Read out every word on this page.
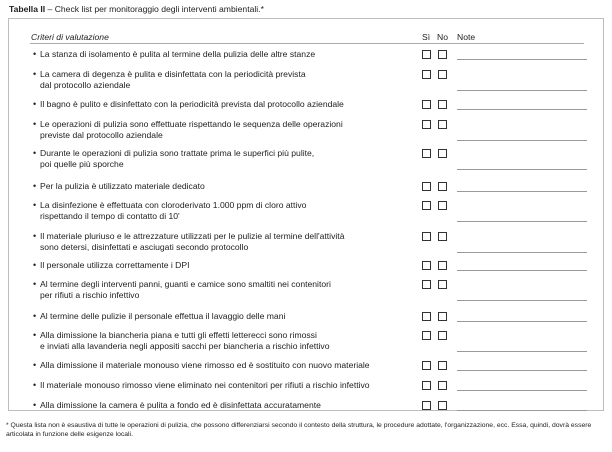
Tabella II – Check list per monitoraggio degli interventi ambientali.*
Criteri di valutazione	Sì No Note
• La stanza di isolamento è pulita al termine della pulizia delle altre stanze
• La camera di degenza è pulita e disinfettata con la periodicità prevista
dal protocollo aziendale
• Il bagno è pulito e disinfettato con la periodicità prevista dal protocollo aziendale
• Le operazioni di pulizia sono effettuate rispettando le sequenza delle operazioni
previste dal protocollo aziendale
• Durante le operazioni di pulizia sono trattate prima le superfici più pulite,
poi quelle più sporche
• Per la pulizia è utilizzato materiale dedicato
• La disinfezione è effettuata con cloroderivato 1.000 ppm di cloro attivo
rispettando il tempo di contatto di 10'
• Il materiale pluriuso e le attrezzature utilizzati per le pulizie al termine dell'attività
sono detersi, disinfettati e asciugati secondo protocollo
• Il personale utilizza correttamente i DPI
• Al termine degli interventi panni, guanti e camice sono smaltiti nei contenitori
per rifiuti a rischio infettivo
• Al termine delle pulizie il personale effettua il lavaggio delle mani
• Alla dimissione la biancheria piana e tutti gli effetti letterecci sono rimossi
e inviati alla lavanderia negli appositi sacchi per biancheria a rischio infettivo
• Alla dimissione il materiale monouso viene rimosso ed è sostituito con nuovo materiale
• Il materiale monouso rimosso viene eliminato nei contenitori per rifiuti a rischio infettivo
• Alla dimissione la camera è pulita a fondo ed è disinfettata accuratamente
* Questa lista non è esaustiva di tutte le operazioni di pulizia, che possono differenziarsi secondo il contesto della struttura, le procedure adottate, l'organizzazione, ecc. Essa, quindi, dovrà essere articolata in funzione delle esigenze locali.
